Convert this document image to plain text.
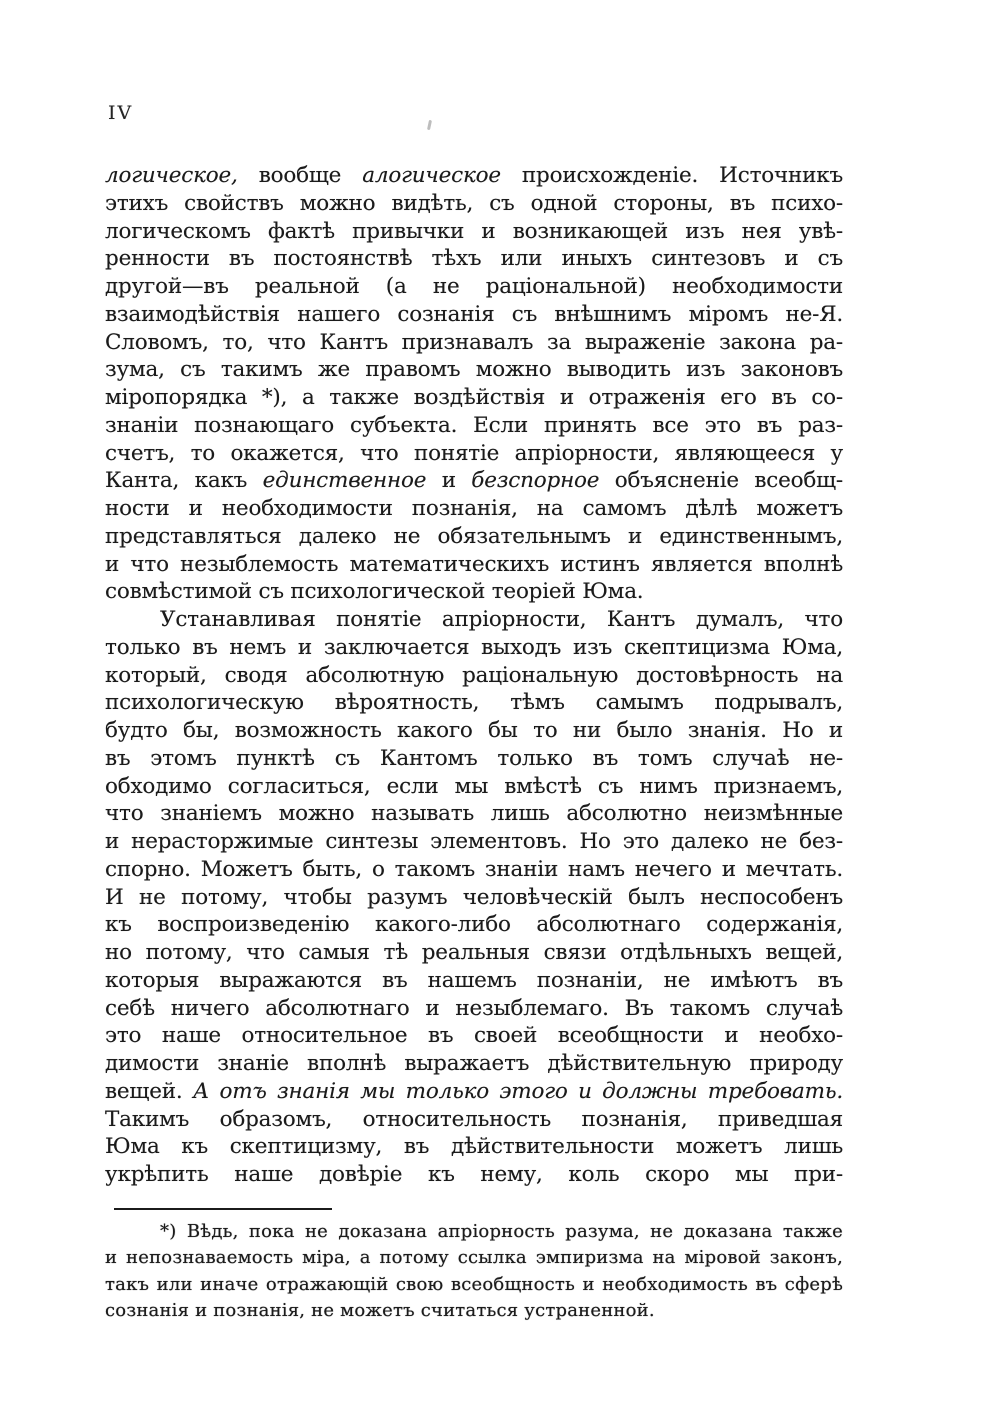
IV
логическое, вообще алогическое происхожденіе. Источникъ
этихъ свойствъ можно видѣть, съ одной стороны, въ психо-
логическомъ фактѣ привычки и возникающей изъ нея увѣ-
ренности въ постоянствѣ тѣхъ или иныхъ синтезовъ и съ
другой—въ реальной (а не раціональной) необходимости
взаимодѣйствія нашего сознанія съ внѣшнимъ міромъ не-Я.
Словомъ, то, что Кантъ признавалъ за выраженіе закона ра-
зума, съ такимъ же правомъ можно выводить изъ законовъ
міропорядка *), а также воздѣйствія и отраженія его въ со-
знаніи познающаго субъекта. Если принять все это въ раз-
счетъ, то окажется, что понятіе апріорности, являющееся у
Канта, какъ единственное и безспорное объясненіе всеобщ-
ности и необходимости познанія, на самомъ дѣлѣ можетъ
представляться далеко не обязательнымъ и единственнымъ,
и что незыблемость математическихъ истинъ является вполнѣ
совмѣстимой съ психологической теоріей Юма.
Устанавливая понятіе апріорности, Кантъ думалъ, что
только въ немъ и заключается выходъ изъ скептицизма Юма,
который, сводя абсолютную раціональную достовѣрность на
психологическую вѣроятность, тѣмъ самымъ подрывалъ,
будто бы, возможность какого бы то ни было знанія. Но и
въ этомъ пунктѣ съ Кантомъ только въ томъ случаѣ не-
обходимо согласиться, если мы вмѣстѣ съ нимъ признаемъ,
что знаніемъ можно называть лишь абсолютно неизмѣнные
и нерасторжимые синтезы элементовъ. Но это далеко не без-
спорно. Можетъ быть, о такомъ знаніи намъ нечего и мечтать.
И не потому, чтобы разумъ человѣческій былъ неспособенъ
къ воспроизведенію какого-либо абсолютнаго содержанія,
но потому, что самыя тѣ реальныя связи отдѣльныхъ вещей,
которыя выражаются въ нашемъ познаніи, не имѣютъ въ
себѣ ничего абсолютнаго и незыблемаго. Въ такомъ случаѣ
это наше относительное въ своей всеобщности и необхо-
димости знаніе вполнѣ выражаетъ дѣйствительную природу
вещей. А отъ знанія мы только этого и должны требовать.
Такимъ образомъ, относительность познанія, приведшая
Юма къ скептицизму, въ дѣйствительности можетъ лишь
укрѣпить наше довѣріе къ нему, коль скоро мы при-
*) Вѣдь, пока не доказана апріорность разума, не доказана также
и непознаваемость міра, а потому ссылка эмпиризма на міровой законъ,
такъ или иначе отражающій свою всеобщность и необходимость въ сферѣ
сознанія и познанія, не можетъ считаться устраненной.
